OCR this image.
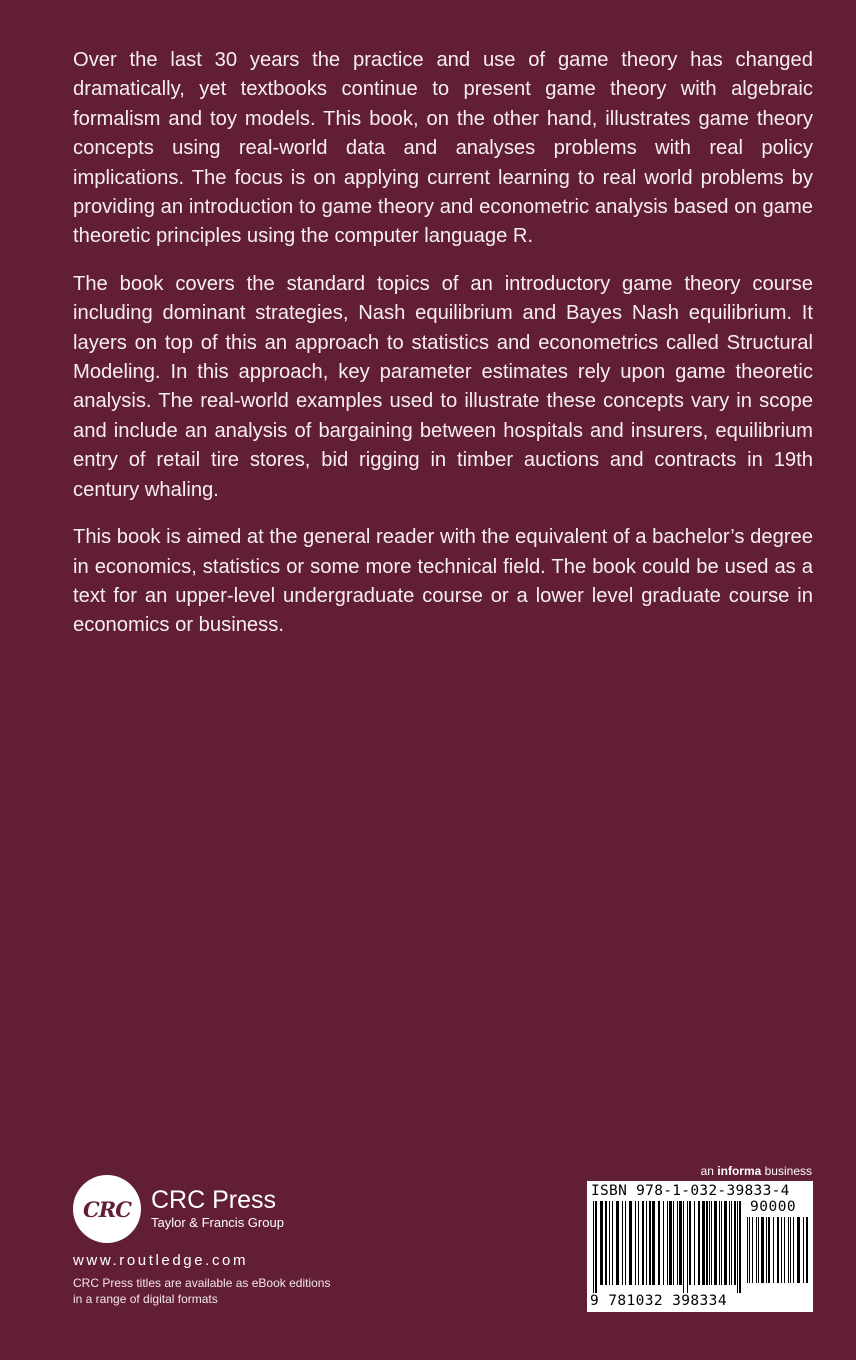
Over the last 30 years the practice and use of game theory has changed dramatically, yet textbooks continue to present game theory with algebraic formalism and toy models. This book, on the other hand, illustrates game theory concepts using real-world data and analyses problems with real policy implications. The focus is on applying current learning to real world problems by providing an introduction to game theory and econometric analysis based on game theoretic principles using the computer language R.

The book covers the standard topics of an introductory game theory course including dominant strategies, Nash equilibrium and Bayes Nash equilibrium. It layers on top of this an approach to statistics and econometrics called Structural Modeling. In this approach, key parameter estimates rely upon game theoretic analysis. The real-world examples used to illustrate these concepts vary in scope and include an analysis of bargaining between hospitals and insurers, equilibrium entry of retail tire stores, bid rigging in timber auctions and contracts in 19th century whaling.

This book is aimed at the general reader with the equivalent of a bachelor’s degree in economics, statistics or some more technical field. The book could be used as a text for an upper-level undergraduate course or a lower level graduate course in economics or business.

CRC CRC Press
Taylor & Francis Group
www.routledge.com
CRC Press titles are available as eBook editions
in a range of digital formats
an informa business
ISBN 978-1-032-39833-4
90000
9 781032 398334
